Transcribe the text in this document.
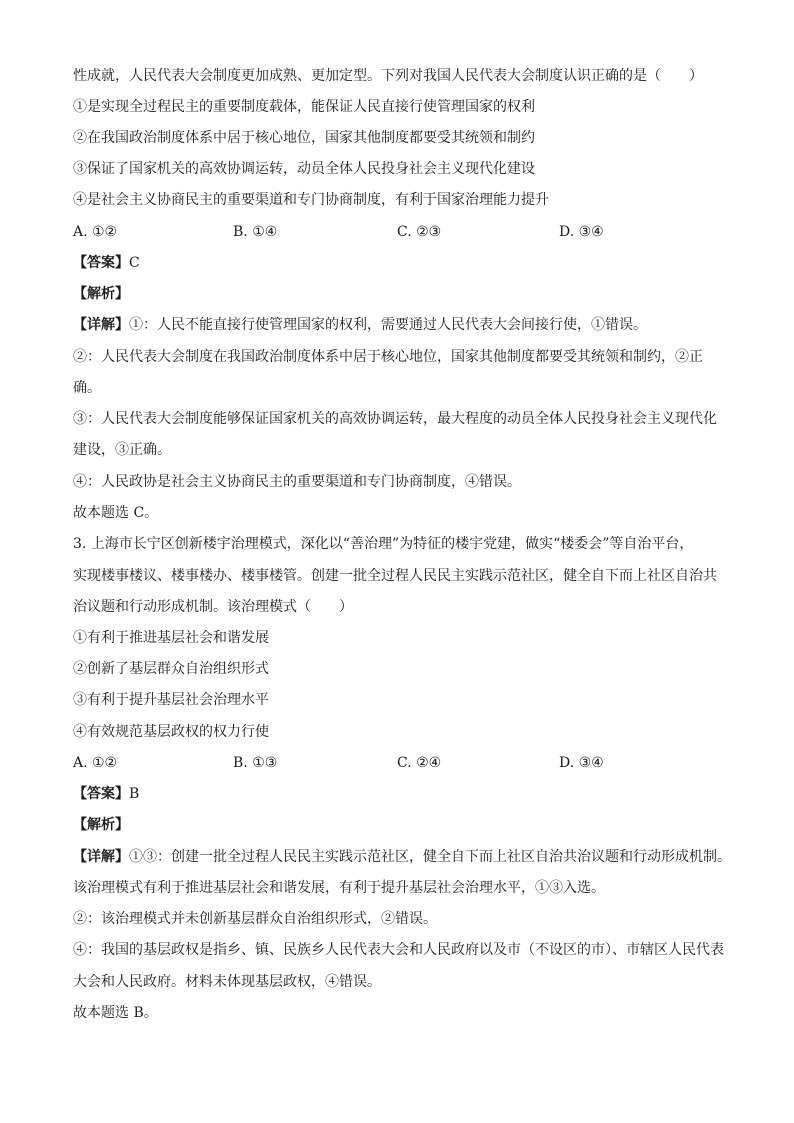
性成就，人民代表大会制度更加成熟、更加定型。下列对我国人民代表大会制度认识正确的是（　　）
①是实现全过程民主的重要制度载体，能保证人民直接行使管理国家的权利
②在我国政治制度体系中居于核心地位，国家其他制度都要受其统领和制约
③保证了国家机关的高效协调运转，动员全体人民投身社会主义现代化建设
④是社会主义协商民主的重要渠道和专门协商制度，有利于国家治理能力提升
A. ①②	B. ①④	C. ②③	D. ③④
【答案】C
【解析】
【详解】①：人民不能直接行使管理国家的权利，需要通过人民代表大会间接行使，①错误。
②：人民代表大会制度在我国政治制度体系中居于核心地位，国家其他制度都要受其统领和制约，②正
确。
③：人民代表大会制度能够保证国家机关的高效协调运转，最大程度的动员全体人民投身社会主义现代化
建设，③正确。
④：人民政协是社会主义协商民主的重要渠道和专门协商制度，④错误。
故本题选 C。
3. 上海市长宁区创新楼宇治理模式，深化以“善治理”为特征的楼宇党建，做实“楼委会”等自治平台，
实现楼事楼议、楼事楼办、楼事楼管。创建一批全过程人民民主实践示范社区，健全自下而上社区自治共
治议题和行动形成机制。该治理模式（　　）
①有利于推进基层社会和谐发展
②创新了基层群众自治组织形式
③有利于提升基层社会治理水平
④有效规范基层政权的权力行使
A. ①②	B. ①③	C. ②④	D. ③④
【答案】B
【解析】
【详解】①③：创建一批全过程人民民主实践示范社区，健全自下而上社区自治共治议题和行动形成机制。
该治理模式有利于推进基层社会和谐发展，有利于提升基层社会治理水平，①③入选。
②：该治理模式并未创新基层群众自治组织形式，②错误。
④：我国的基层政权是指乡、镇、民族乡人民代表大会和人民政府以及市（不设区的市）、市辖区人民代表
大会和人民政府。材料未体现基层政权，④错误。
故本题选 B。
